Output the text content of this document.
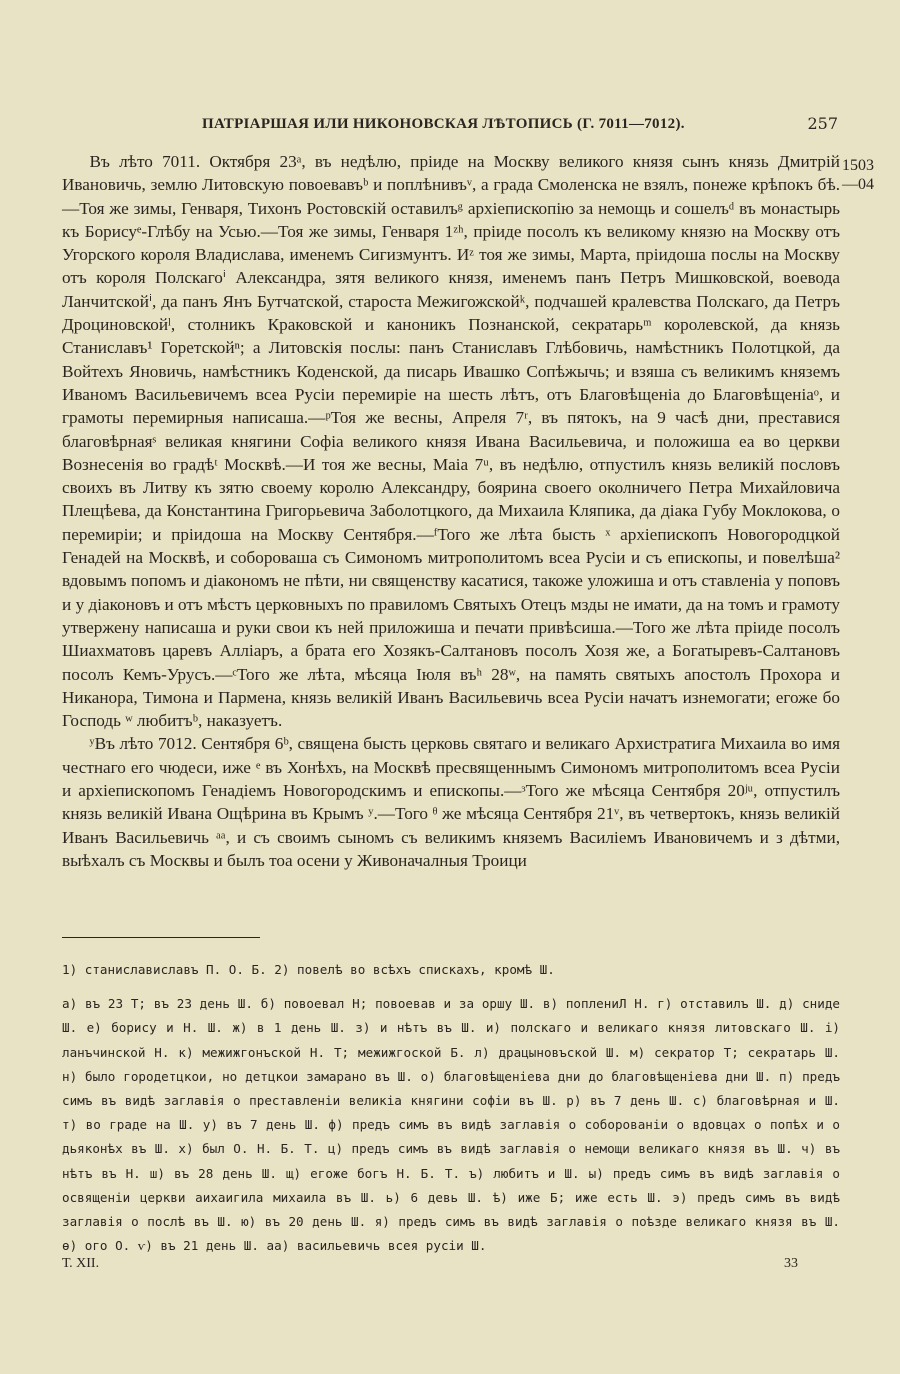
ПАТРІАРШАЯ ИЛИ НИКОНОВСКАЯ ЛѢТОПИСЬ (Г. 7011—7012).	257
1503
—04

Въ лѣто 7011. Октября 23ᵃ, въ недѣлю, пріиде на Москву великого князя сынъ князь Дмитрій Ивановичь, землю Литовскую повоевавъᵇ и поплѣнивъᵛ, а града Смоленска не взялъ, понеже крѣпокъ бѣ.—Тоя же зимы, Генваря, Тихонъ Ростовскій оставилъᵍ архіепископію за немощь и сошелъᵈ въ монастырь къ Борисуᵉ-Глѣбу на Усью.—Тоя же зимы, Генваря 1ᶻʰ, пріиде посолъ къ великому князю на Москву отъ Угорского короля Владислава, именемъ Сигизмунтъ. Иᶻ тоя же зимы, Марта, пріидоша послы на Москву отъ короля Полскагоⁱ Александра, зятя великого князя, именемъ панъ Петръ Мишковской, воевода Ланчитскойⁱ, да панъ Янъ Бутчатской, староста Межигожскойᵏ, подчашей кралевства Полскаго, да Петръ Дроциновскойˡ, столникъ Краковской и каноникъ Познанской, секратарьᵐ королевской, да князь Станиславъ¹ Горетскойⁿ; а Литовскія послы: панъ Станиславъ Глѣбовичь, намѣстникъ Полотцкой, да Войтехъ Яновичь, намѣстникъ Коденской, да писарь Ивашко Сопѣжычь; и взяша съ великимъ княземъ Иваномъ Васильевичемъ всеа Русіи перемиріе на шесть лѣтъ, отъ Благовѣщеніа до Благовѣщеніаᵒ, и грамоты перемирныя написаша.—ᵖТоя же весны, Апреля 7ʳ, въ пятокъ, на 9 часѣ дни, преставися благовѣрнаяˢ великая княгини Софіа великого князя Ивана Васильевича, и положиша еа во церкви Вознесенія во градѣᵗ Москвѣ.—И тоя же весны, Маіа 7ᵘ, въ недѣлю, отпустилъ князь великій пословъ своихъ въ Литву къ зятю своему королю Александру, боярина своего околничего Петра Михайловича Плещѣева, да Константина Григорьевича Заболотцкого, да Михаила Кляпика, да діака Губу Моклокова, о перемиріи; и пріидоша на Москву Сентября.—ᶠТого же лѣта бысть ˣ архіепископъ Новогородцкой Генадей на Москвѣ, и собороваша съ Симономъ митрополитомъ всеа Русіи и съ епископы, и повелѣша² вдовымъ попомъ и діакономъ не пѣти, ни священству касатися, такоже уложиша и отъ ставленіа у поповъ и у діаконовъ и отъ мѣстъ церковныхъ по правиломъ Святыхъ Отецъ мзды не имати, да на томъ и грамоту утвержену написаша и руки свои къ ней приложиша и печати привѣсиша.—Того же лѣта пріиде посолъ Шиахматовъ царевъ Алліаръ, а брата его Хозякъ-Салтановъ посолъ Хозя же, а Богатыревъ-Салтановъ посолъ Кемъ-Урусъ.—ᶜТого же лѣта, мѣсяца Іюля въʰ 28ʷ, на память святыхъ апостолъ Прохора и Никанора, Тимона и Пармена, князь великій Иванъ Васильевичь всеа Русіи начатъ изнемогати; егоже бо Господь ʷ любитъᵇ, наказуетъ.

ʸВъ лѣто 7012. Сентября 6ᵇ, священа бысть церковь святаго и великаго Архистратига Михаила во имя честнаго его чюдеси, иже ᵉ въ Хонѣхъ, на Москвѣ пресвященнымъ Симономъ митрополитомъ всеа Русіи и архіепископомъ Генадіемъ Новогородскимъ и епископы.—ᶟТого же мѣсяца Сентября 20ʲᵘ, отпустилъ князь великій Ивана Ощѣрина въ Крымъ ʸ.—Того ᶿ же мѣсяца Сентября 21ᵛ, въ четвертокъ, князь великій Иванъ Васильевичь ᵃᵃ, и съ своимъ сыномъ съ великимъ княземъ Василіемъ Ивановичемъ и з дѣтми, выѣхалъ съ Москвы и былъ тоа осени у Живоначалныя Троици

1) станиславиславъ П. О. Б. 2) повелѣ во всѣхъ спискахъ, кромѣ Ш.

а) въ 23 Т; въ 23 день Ш. б) повоевал Н; повоевав и за оршу Ш. в) поплениЛ Н. г) отставилъ Ш. д) сниде Ш. е) борису и Н. Ш. ж) в 1 день Ш. з) и нѣтъ въ Ш. и) полскаго и великаго князя литовскаго Ш. і) ланъчинской Н. к) межижгонъской Н. Т; межижгоской Б. л) драцыновъской Ш. м) секратор Т; секратарь Ш. н) было городетцкои, но детцкои замарано въ Ш. о) благовѣщеніева дни до благовѣщеніева дни Ш. п) предъ симъ въ видѣ заглавія о преставленіи великіа княгини софіи въ Ш. р) въ 7 день Ш. с) благовѣрная и Ш. т) во граде на Ш. у) въ 7 день Ш. ф) предъ симъ въ видѣ заглавія о соборованіи о вдовцах о попѣх и о дьяконѣх въ Ш. х) был О. Н. Б. Т. ц) предъ симъ въ видѣ заглавія о немощи великаго князя въ Ш. ч) въ нѣтъ въ Н. ш) въ 28 день Ш. щ) егоже богъ Н. Б. Т. ъ) любитъ и Ш. ы) предъ симъ въ видѣ заглавія о освященіи церкви аихаигила михаила въ Ш. ь) 6 девь Ш. ѣ) иже Б; иже есть Ш. э) предъ симъ въ видѣ заглавія о послѣ въ Ш. ю) въ 20 день Ш. я) предъ симъ въ видѣ заглавія о поѣзде великаго князя въ Ш. ѳ) ого О. ѵ) въ 21 день Ш. аа) васильевичь всея русіи Ш.

Т. XII.	33
